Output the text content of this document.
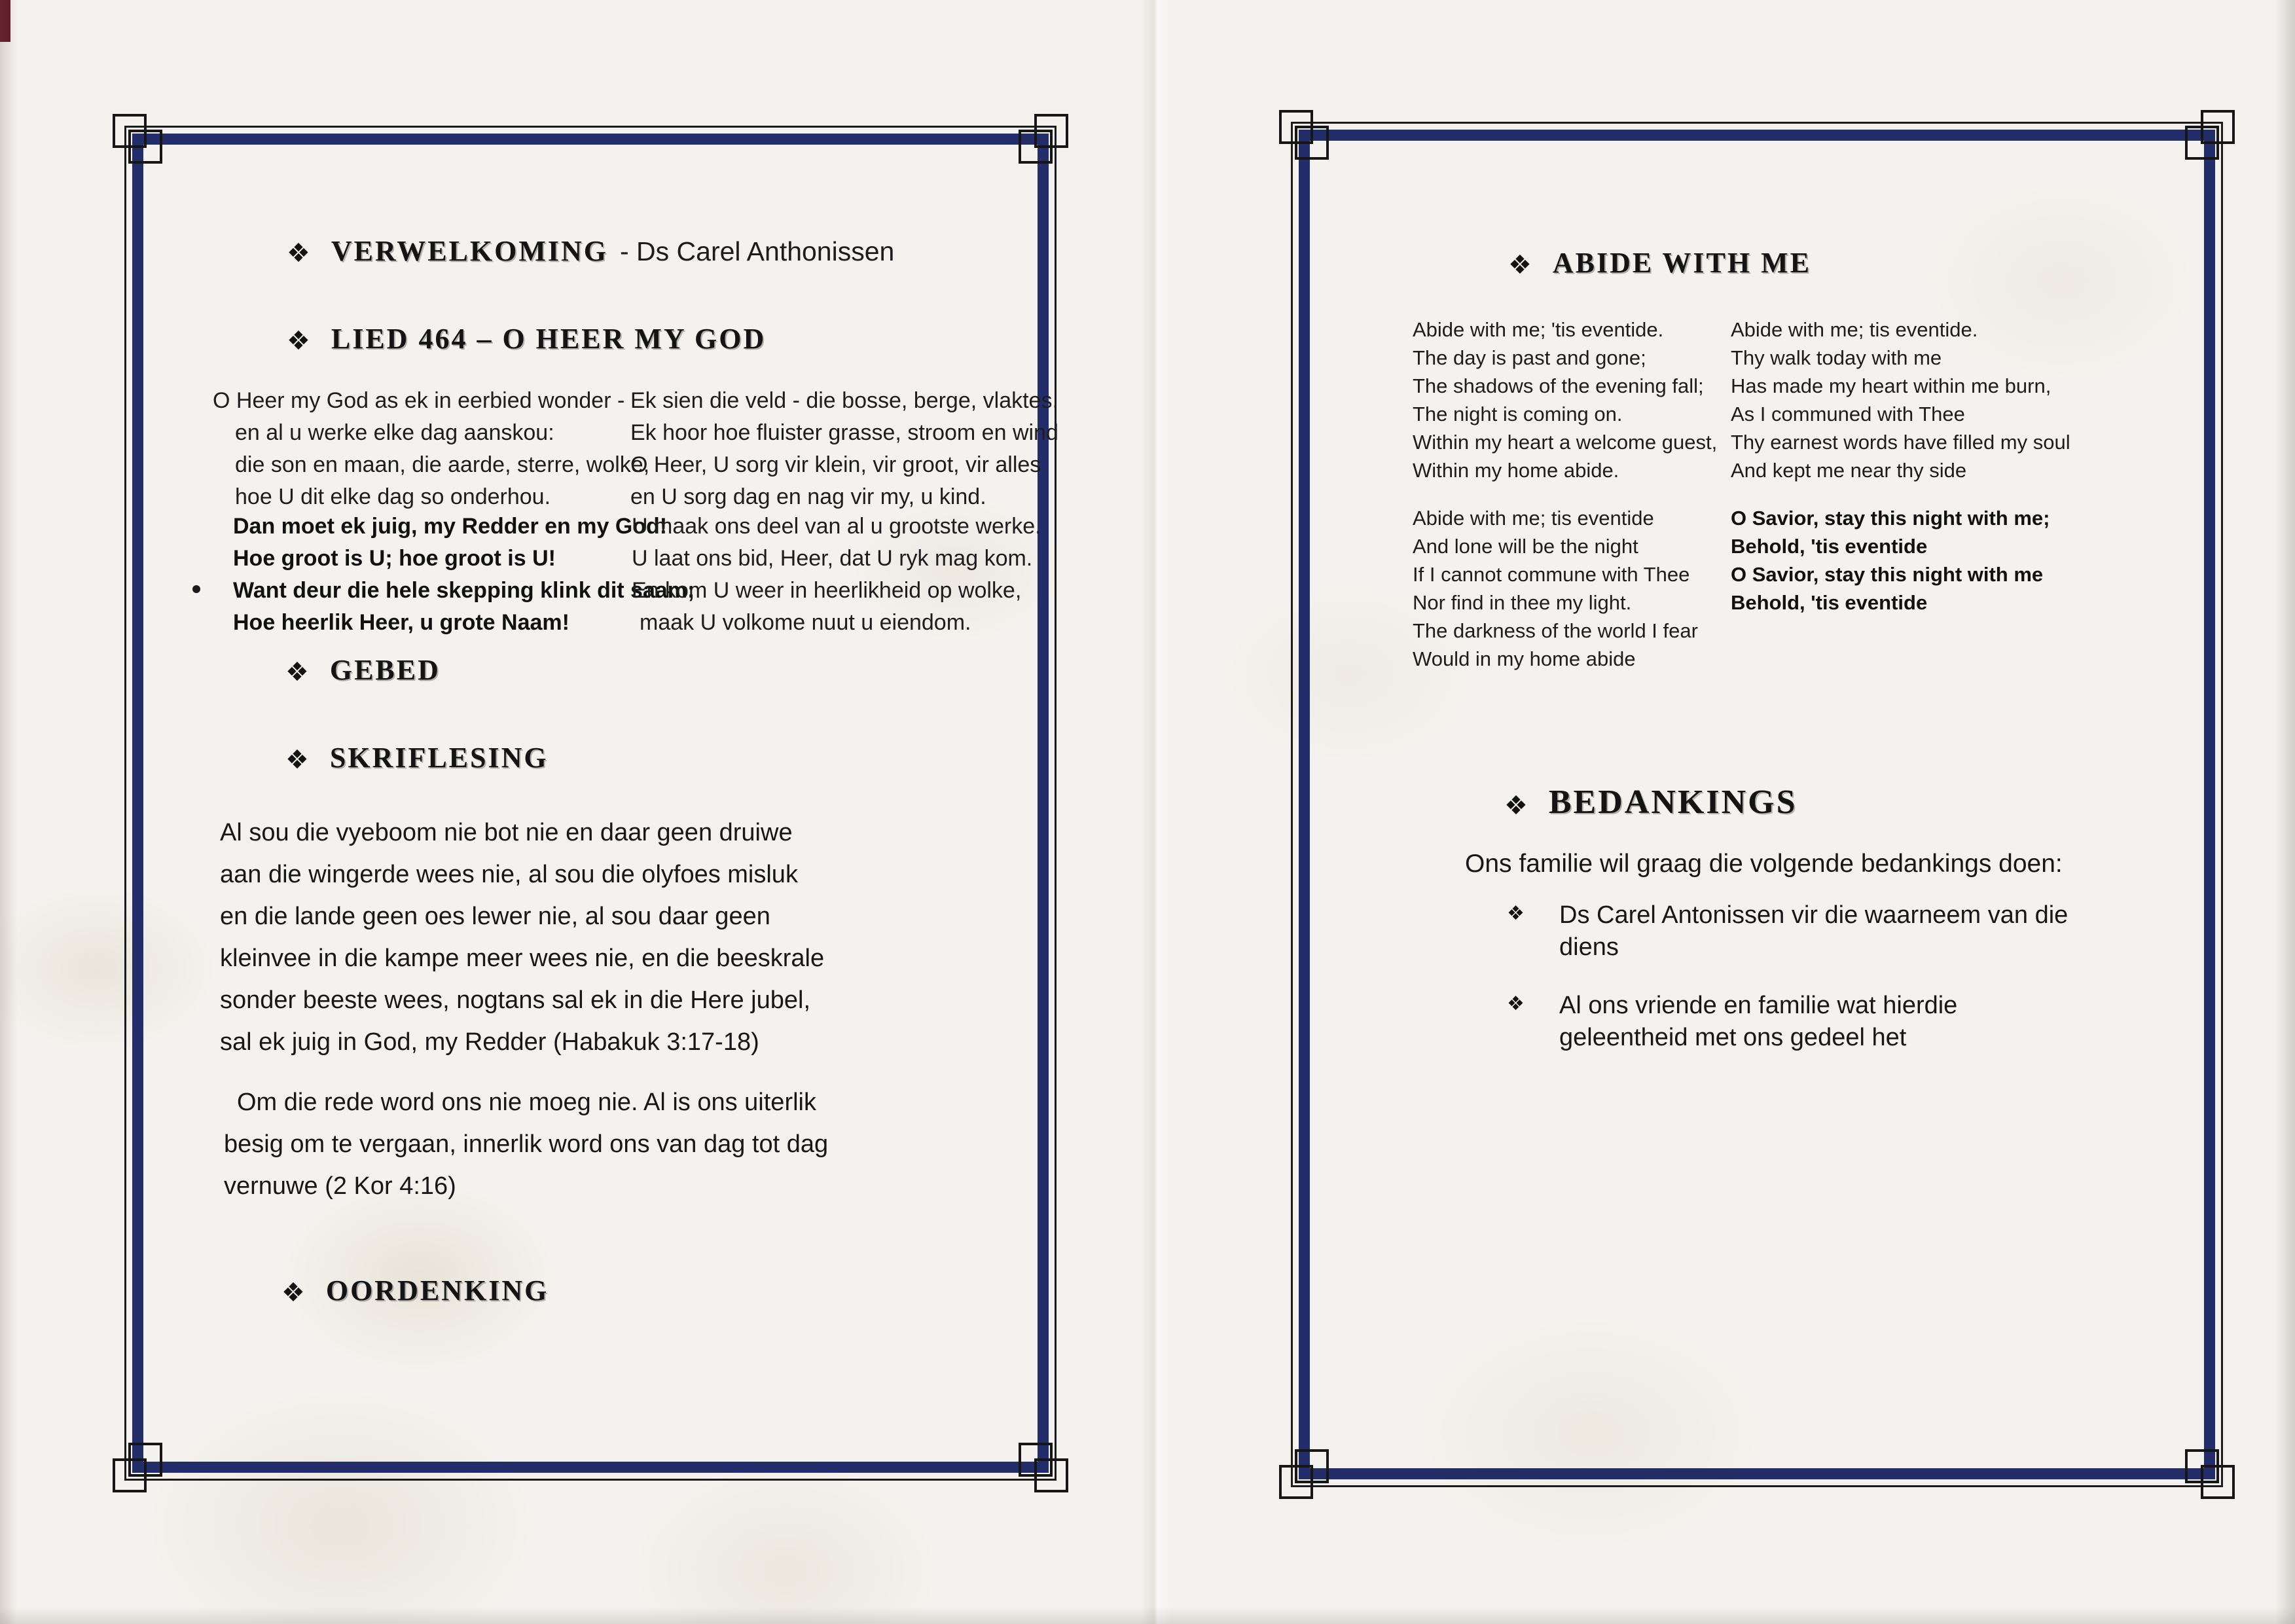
❖ VERWELKOMING - Ds Carel Anthonissen
❖ LIED 464 – O HEER MY GOD
O Heer my God as ek in eerbied wonder -
en al u werke elke dag aanskou:
die son en maan, die aarde, sterre, wolke,
hoe U dit elke dag so onderhou.
Ek sien die veld - die bosse, berge, vlaktes.
Ek hoor hoe fluister grasse, stroom en wind
O Heer, U sorg vir klein, vir groot, vir alles
en U sorg dag en nag vir my, u kind.
Dan moet ek juig, my Redder en my God!
Hoe groot is U; hoe groot is U!
Want deur die hele skepping klink dit saam;
Hoe heerlik Heer, u grote Naam!
U maak ons deel van al u grootste werke.
U laat ons bid, Heer, dat U ryk mag kom.
En kom U weer in heerlikheid op wolke,
maak U volkome nuut u eiendom.
❖ GEBED
❖ SKRIFLESING
Al sou die vyeboom nie bot nie en daar geen druiwe
aan die wingerde wees nie, al sou die olyfoes misluk
en die lande geen oes lewer nie, al sou daar geen
kleinvee in die kampe meer wees nie, en die beeskrale
sonder beeste wees, nogtans sal ek in die Here jubel,
sal ek juig in God, my Redder (Habakuk 3:17-18)
Om die rede word ons nie moeg nie. Al is ons uiterlik
besig om te vergaan, innerlik word ons van dag tot dag
vernuwe (2 Kor 4:16)
❖ OORDENKING
❖ ABIDE WITH ME
Abide with me; 'tis eventide.
The day is past and gone;
The shadows of the evening fall;
The night is coming on.
Within my heart a welcome guest,
Within my home abide.
Abide with me; tis eventide.
Thy walk today with me
Has made my heart within me burn,
As I communed with Thee
Thy earnest words have filled my soul
And kept me near thy side
Abide with me; tis eventide
And lone will be the night
If I cannot commune with Thee
Nor find in thee my light.
The darkness of the world I fear
Would in my home abide
O Savior, stay this night with me;
Behold, 'tis eventide
O Savior, stay this night with me
Behold, 'tis eventide
❖ BEDANKINGS
Ons familie wil graag die volgende bedankings doen:
❖ Ds Carel Antonissen vir die waarneem van die
diens
❖ Al ons vriende en familie wat hierdie
geleentheid met ons gedeel het
